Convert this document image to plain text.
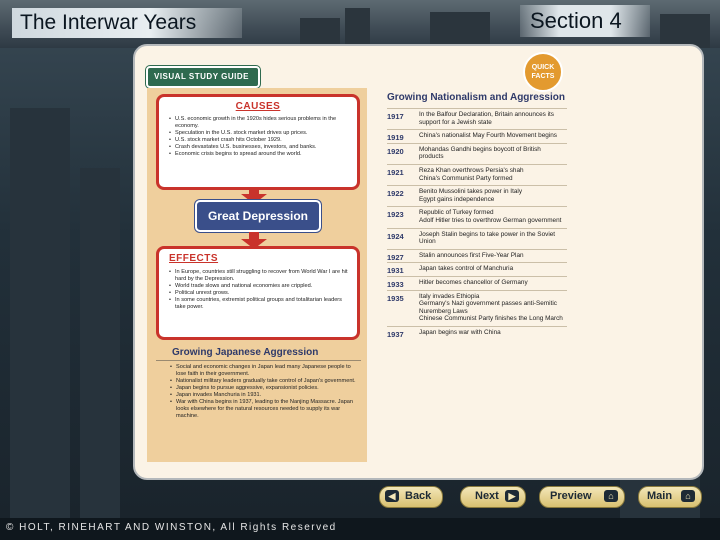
The Interwar Years	Section 4
VISUAL STUDY GUIDE
QUICK
FACTS
CAUSES
• U.S. economic growth in the 1920s hides serious problems in the economy.
• Speculation in the U.S. stock market drives up prices.
• U.S. stock market crash hits October 1929.
• Crash devastates U.S. businesses, investors, and banks.
• Economic crisis begins to spread around the world.
Great Depression
EFFECTS
• In Europe, countries still struggling to recover from World War I are hit hard by the Depression.
• World trade slows and national economies are crippled.
• Political unrest grows.
• In some countries, extremist political groups and totalitarian leaders take power.
Growing Japanese Aggression
• Social and economic changes in Japan lead many Japanese people to lose faith in their government.
• Nationalist military leaders gradually take control of Japan's government.
• Japan begins to pursue aggressive, expansionist policies.
• Japan invades Manchuria in 1931.
• War with China begins in 1937, leading to the Nanjing Massacre. Japan looks elsewhere for the natural resources needed to supply its war machine.
Growing Nationalism and Aggression
1917 In the Balfour Declaration, Britain announces its support for a Jewish state
1919 China's nationalist May Fourth Movement begins
1920 Mohandas Gandhi begins boycott of British products
1921 Reza Khan overthrows Persia's shah
China's Communist Party formed
1922 Benito Mussolini takes power in Italy
Egypt gains independence
1923 Republic of Turkey formed
Adolf Hitler tries to overthrow German government
1924 Joseph Stalin begins to take power in the Soviet Union
1927 Stalin announces first Five-Year Plan
1931 Japan takes control of Manchuria
1933 Hitler becomes chancellor of Germany
1935 Italy invades Ethiopia
Germany's Nazi government passes anti-Semitic Nuremberg Laws
Chinese Communist Party finishes the Long March
1937 Japan begins war with China
◀ Back	Next	▶	Preview	⌂	Main	⌂
© HOLT, RINEHART AND WINSTON, All Rights Reserved
